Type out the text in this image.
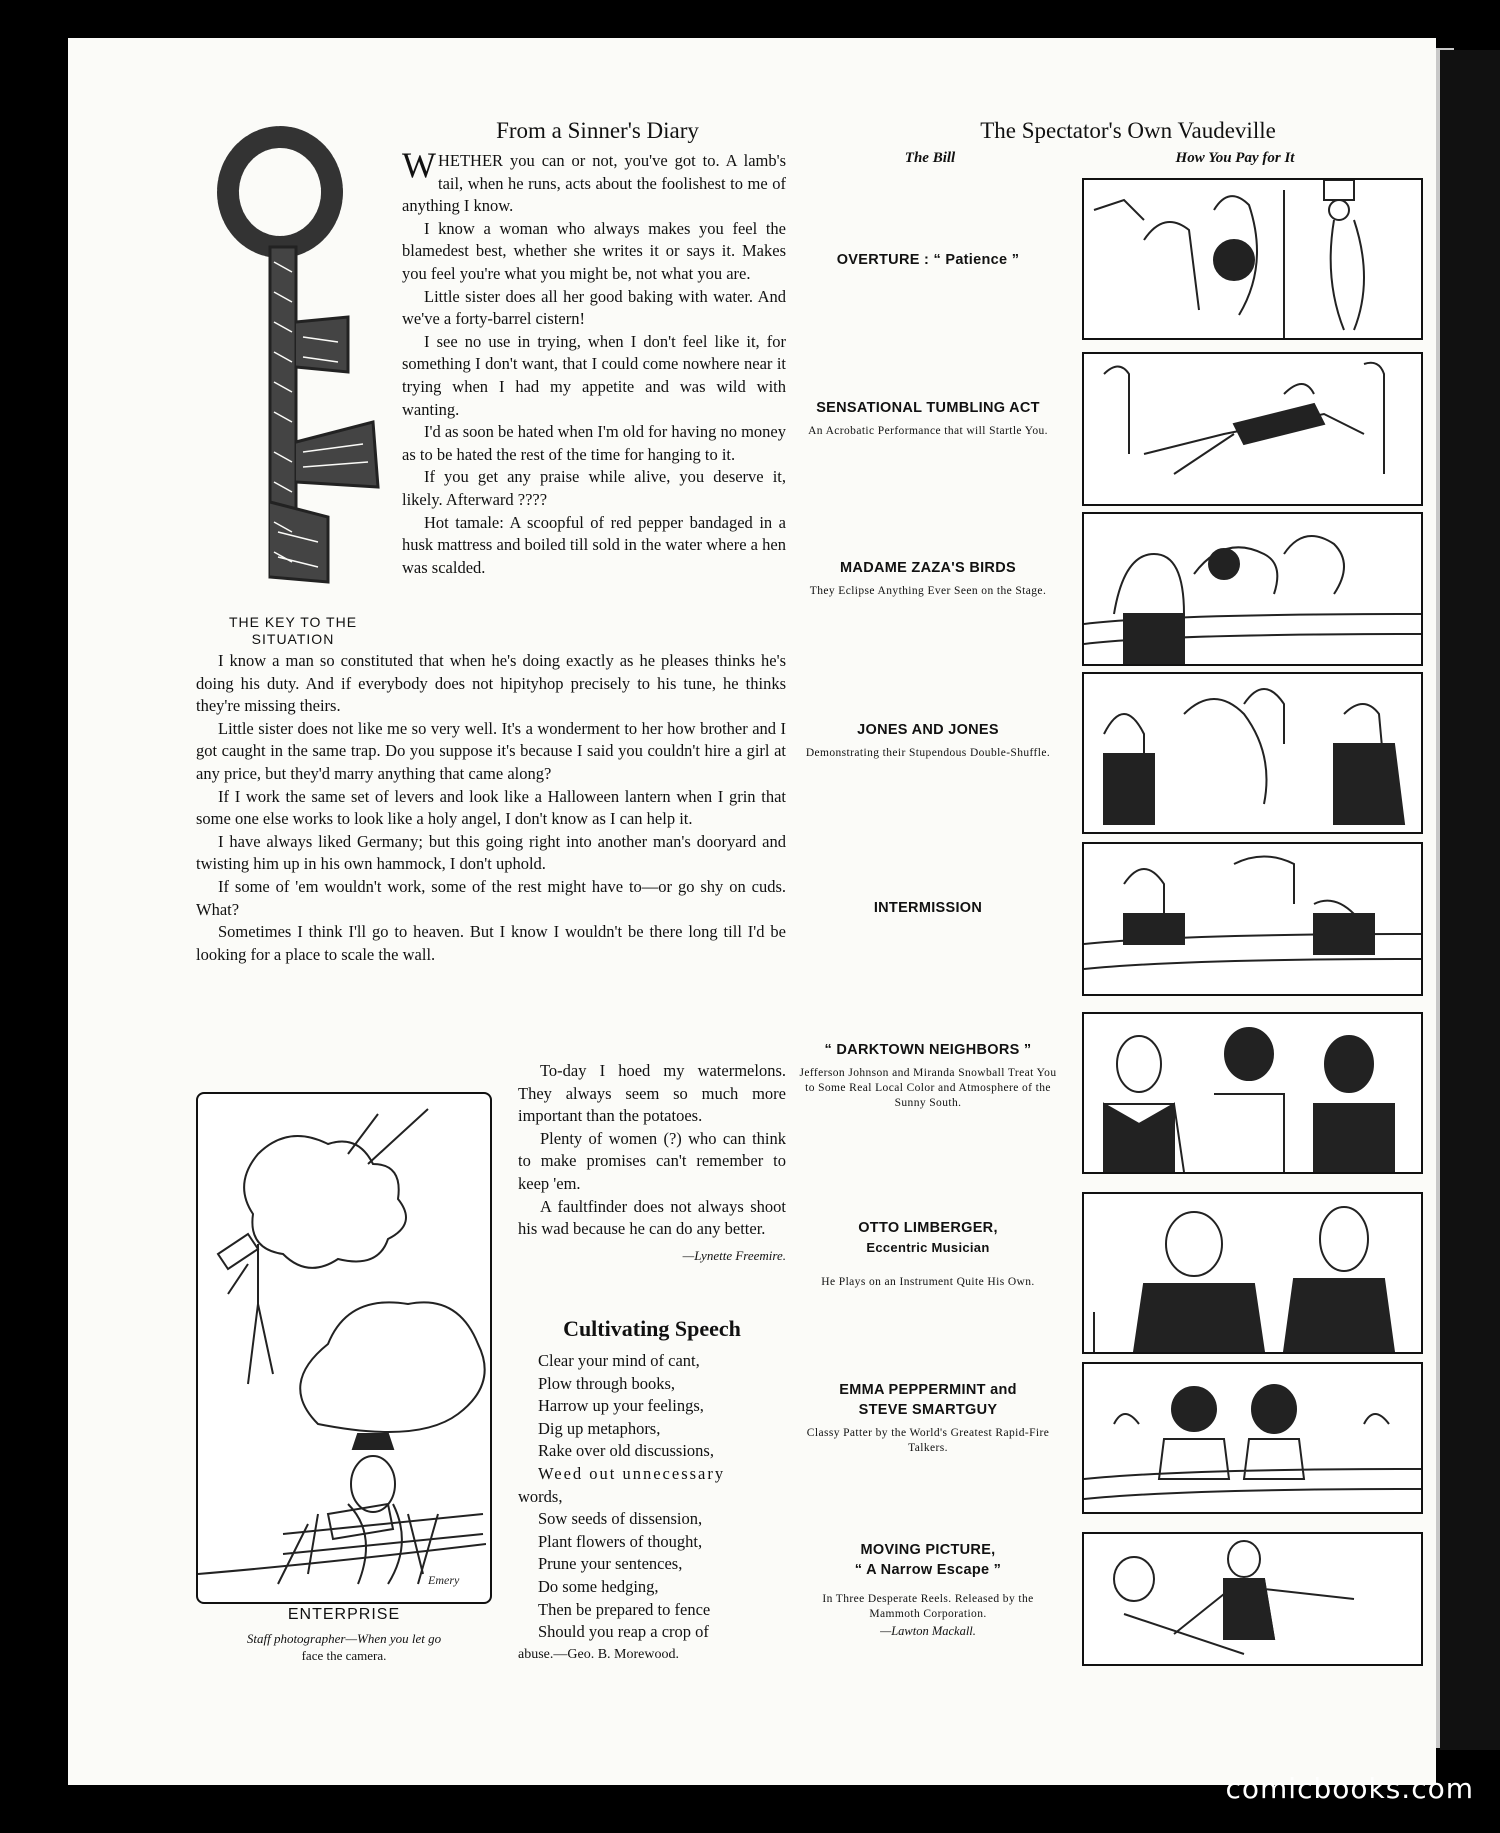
THE KEY TO THE
SITUATION
From a Sinner's Diary

WHETHER you can or not, you've got to. A lamb's tail, when he runs, acts about the foolishest to me of anything I know.

I know a woman who always makes you feel the blamedest best, whether she writes it or says it. Makes you feel you're what you might be, not what you are.

Little sister does all her good baking with water. And we've a forty-barrel cistern!

I see no use in trying, when I don't feel like it, for something I don't want, that I could come nowhere near it trying when I had my appetite and was wild with wanting.

I'd as soon be hated when I'm old for having no money as to be hated the rest of the time for hanging to it.

If you get any praise while alive, you deserve it, likely. Afterward ????

Hot tamale: A scoopful of red pepper bandaged in a husk mattress and boiled till sold in the water where a hen was scalded.

I know a man so constituted that when he's doing exactly as he pleases thinks he's doing his duty. And if everybody does not hipityhop precisely to his tune, he thinks they're missing theirs.

Little sister does not like me so very well. It's a wonderment to her how brother and I got caught in the same trap. Do you suppose it's because I said you couldn't hire a girl at any price, but they'd marry anything that came along?

If I work the same set of levers and look like a Halloween lantern when I grin that some one else works to look like a holy angel, I don't know as I can help it.

I have always liked Germany; but this going right into another man's dooryard and twisting him up in his own hammock, I don't uphold.

If some of 'em wouldn't work, some of the rest might have to—or go shy on cuds. What?

Sometimes I think I'll go to heaven. But I know I wouldn't be there long till I'd be looking for a place to scale the wall.

Emery
ENTERPRISE
Staff photographer—When you let go
face the camera.

To-day I hoed my watermelons. They always seem so much more important than the potatoes.

Plenty of women (?) who can think to make promises can't remember to keep 'em.

A faultfinder does not always shoot his wad because he can do any better.

—Lynette Freemire.
Cultivating Speech
Clear your mind of cant,
Plow through books,
Harrow up your feelings,
Dig up metaphors,
Rake over old discussions,
Weed out unnecessary
words,
Sow seeds of dissension,
Plant flowers of thought,
Prune your sentences,
Do some hedging,
Then be prepared to fence
Should you reap a crop of
abuse.—Geo. B. Morewood.
The Spectator's Own Vaudeville
The Bill	How You Pay for It
OVERTURE : “ Patience ”
SENSATIONAL TUMBLING ACT
An Acrobatic Performance that will Startle You.
MADAME ZAZA'S BIRDS
They Eclipse Anything Ever Seen on the Stage.
JONES AND JONES
Demonstrating their Stupendous Double-Shuffle.
INTERMISSION
“ DARKTOWN NEIGHBORS ”
Jefferson Johnson and Miranda Snowball Treat You to Some Real Local Color and Atmosphere of the Sunny South.
OTTO LIMBERGER,
Eccentric Musician
He Plays on an Instrument Quite His Own.
EMMA PEPPERMINT and
STEVE SMARTGUY
Classy Patter by the World's Greatest Rapid-Fire Talkers.
MOVING PICTURE,
“ A Narrow Escape ”
In Three Desperate Reels. Released by the Mammoth Corporation.
—Lawton Mackall.
comicbooks.com
